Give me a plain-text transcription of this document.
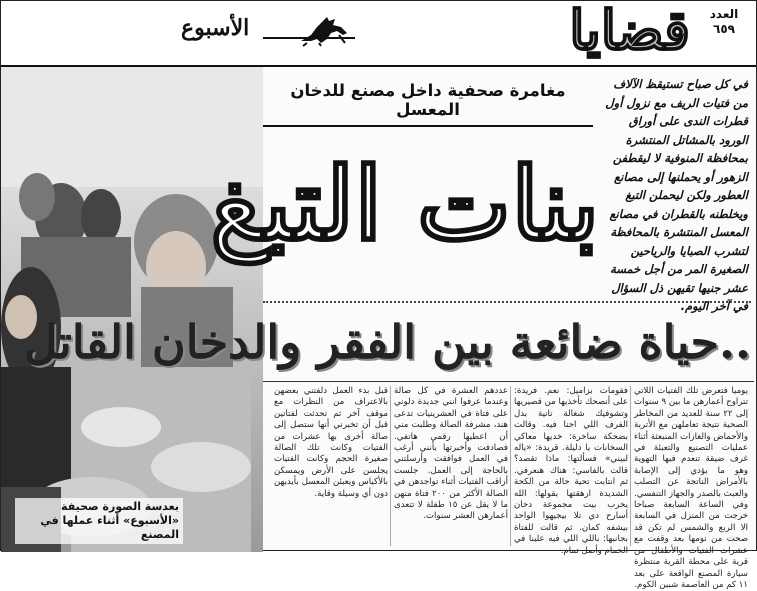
العدد
٦٥٩
قضايا
الأسبوع
بعدسة الصورة صحيفة «الأسبوع» أثناء عملها في المصنع
في كل صباح تستيقظ الآلاف من فتيات الريف مع نزول أول قطرات الندى على أوراق الورود بالمشاتل المنتشرة بمحافظة المنوفية لا ليقطفن الزهور أو يحملنها إلى مصانع العطور ولكن ليحملن التبغ ويخلطنه بالقطران في مصانع المعسل المنتشرة بالمحافظة لتشرب الصبايا والرياحين الصغيرة المر من أجل خمسة عشر جنيها تقيهن ذل السؤال في آخر اليوم.
مغامرة صحفية داخل مصنع للدخان المعسل
بنات التبغ
..حياة ضائعة بين الفقر والدخان القاتل
يوميا فتعرض تلك الفتيات اللاتي تتراوح أعمارهن ما بين ٩ سنوات إلى ٢٢ سنة للعديد من المخاطر الصحية نتيجة تعاملهن مع الأتربة والأحماض والغازات المنبعثة أثناء عمليات التصنيع والتعبئة في غرف ضيقة تنعدم فيها التهوية وهو ما يؤدي إلى الإصابة بالأمراض الناتجة عن التصلب والعبث بالصدر والجهاز التنفسي. وفي الساعة السابعة صباحا خرجت من المنزل في السابعة الا الربع والشمس لم تكن قد صحت من نومها بعد وقفت مع عشرات الفتيات والأطفال من قرية على محطة القرية منتظرة سيارة المصنع الواقعة على بعد ١١ كم من العاصمة شبين الكوم.
فقومات بزاميل: نعم. فريدة: على أنصحك تأخذيها من قصيريها وتشوفيك شغالة تانية بدل الفرف اللي احنا فيه. وقالت بضحكة ساخرة: خديها معاكي السخانات يا دليلة. قريدة: «ياله لبيني» فسألتها: ماذا تقصد؟ قالت بالفاسي: هناك هنعرفي. ثم انتابت تحية حالة من الكحة الشديدة ارهقتها بقولها: الله يخرب بيت مجموعة دخان أسارح دي تلا بيجيهوا الواحد بيشفه كمان. ثم قالت للفتاة بجانبها: باللي اللي فيه علينا في الحمام وأصل تمام.
عددهم العشرة في كل صالة وعندما عرفوا انني جديدة دلوني على فتاة في العشرينيات تدعى هند، مشرفة الصالة وطلبت مني أن اعطيها رقمي هاتفي. فصادفت وأخبرتها بأنني أرغب في العمل فوافقت وأرسلتني بالحاجة إلى العمل. جلست أراقب الفتيات أثناء تواجدهن في الصالة الأكثر من ٢٠٠ فتاة منهن ما لا يقل عن ١٥ طفلة لا تتعدى أعمارهن العشر سنوات.
قبل بدء العمل دلفتني بعضهن بالاعتراف من النظرات مع موقف آخر ثم تحدثت لفتاتين قبل أن تخبرني أنها ستصل إلى صالة أخرى بها عشرات من الفتيات وكانت تلك الصالة صغيرة الحجم وكانت الفتيات يجلسن على الأرض ويمسكن بالأكياس ويعبئن المعسل بأيديهن دون أي وسيلة وقاية.
